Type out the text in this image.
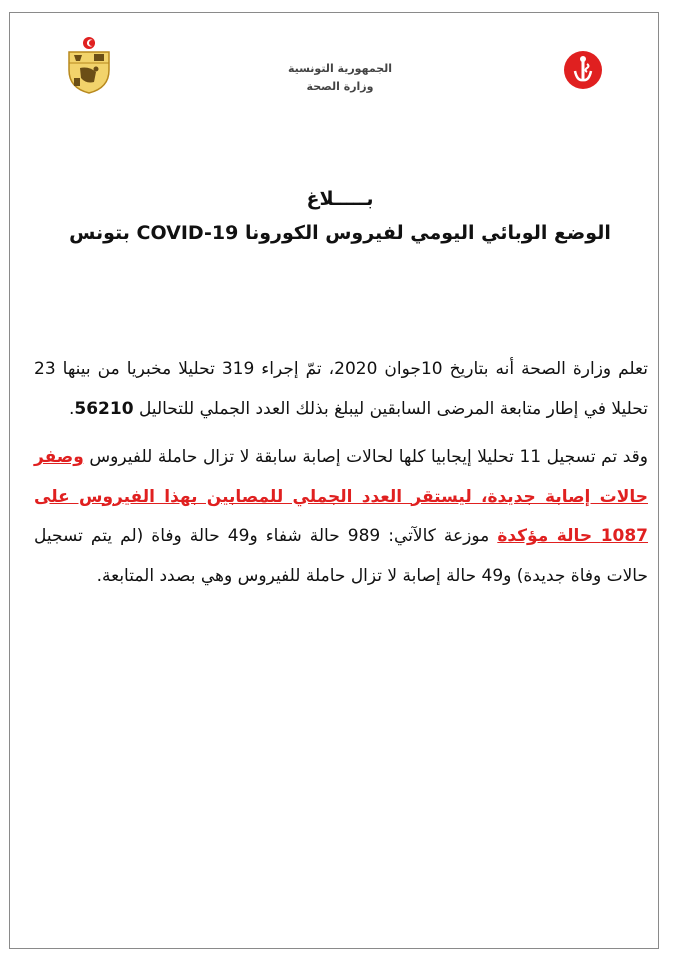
الجمهورية التونسية
وزارة الصحة
بـــــلاغ
الوضع الوبائي اليومي لفيروس الكورونا COVID-19 بتونس

تعلم وزارة الصحة أنه بتاريخ 10جوان 2020، تمّ إجراء 319 تحليلا مخبريا من بينها 23 تحليلا في إطار متابعة المرضى السابقين ليبلغ بذلك العدد الجملي للتحاليل 56210.

وقد تم تسجيل 11 تحليلا إيجابيا كلها لحالات إصابة سابقة لا تزال حاملة للفيروس وصفر حالات إصابة جديدة، ليستقر العدد الجملي للمصابين بهذا الفيروس على 1087 حالة مؤكدة موزعة كالآتي: 989 حالة شفاء و49 حالة وفاة (لم يتم تسجيل حالات وفاة جديدة) و49 حالة إصابة لا تزال حاملة للفيروس وهي بصدد المتابعة.
